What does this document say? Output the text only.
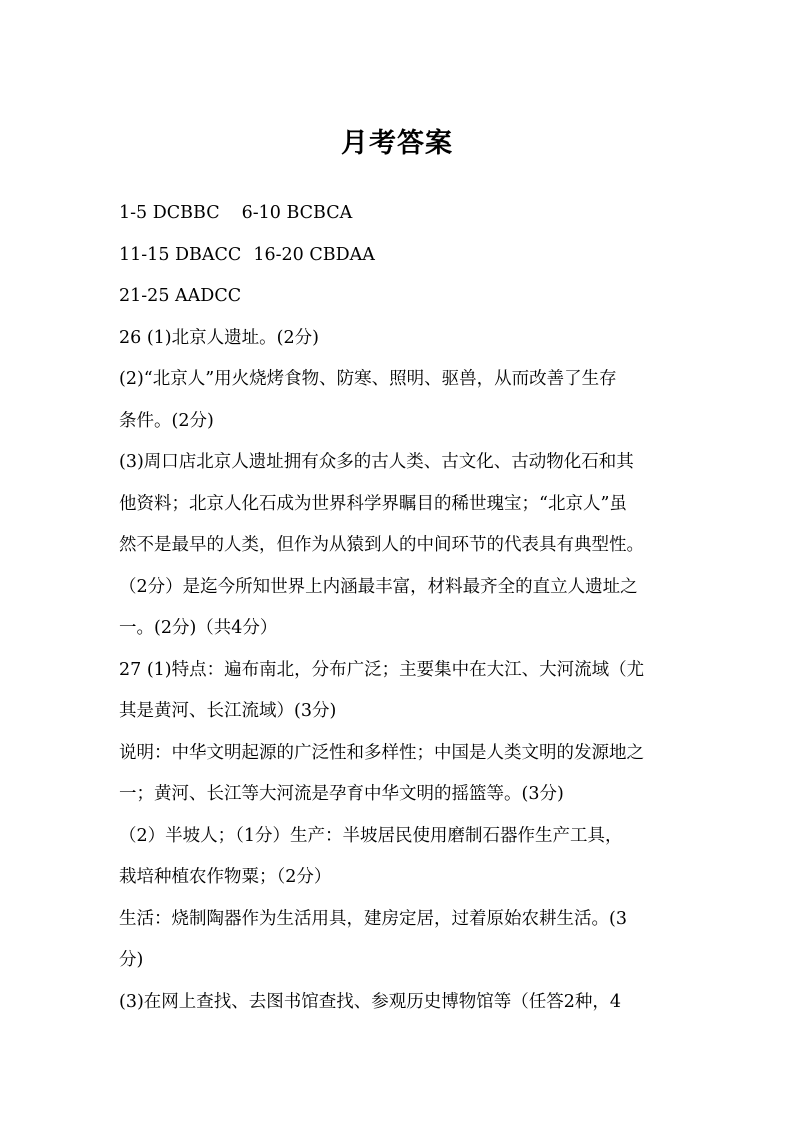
月考答案
1-5 DCBBC 6-10 BCBCA
11-15 DBACC 16-20 CBDAA
21-25 AADCC
26 (1)北京人遗址。(2分)
(2)“北京人”用火烧烤食物、防寒、照明、驱兽，从而改善了生存
条件。(2分)
(3)周口店北京人遗址拥有众多的古人类、古文化、古动物化石和其
他资料；北京人化石成为世界科学界瞩目的稀世瑰宝；“北京人”虽
然不是最早的人类，但作为从猿到人的中间环节的代表具有典型性。
（2分）是迄今所知世界上内涵最丰富，材料最齐全的直立人遗址之
一。(2分)（共4分）
27 (1)特点：遍布南北，分布广泛；主要集中在大江、大河流域（尤
其是黄河、长江流域）(3分)
说明：中华文明起源的广泛性和多样性；中国是人类文明的发源地之
一；黄河、长江等大河流是孕育中华文明的摇篮等。(3分)
（2）半坡人；（1分）生产：半坡居民使用磨制石器作生产工具，
栽培种植农作物粟；（2分）
生活：烧制陶器作为生活用具，建房定居，过着原始农耕生活。(3
分)
(3)在网上查找、去图书馆查找、参观历史博物馆等（任答2种，4
